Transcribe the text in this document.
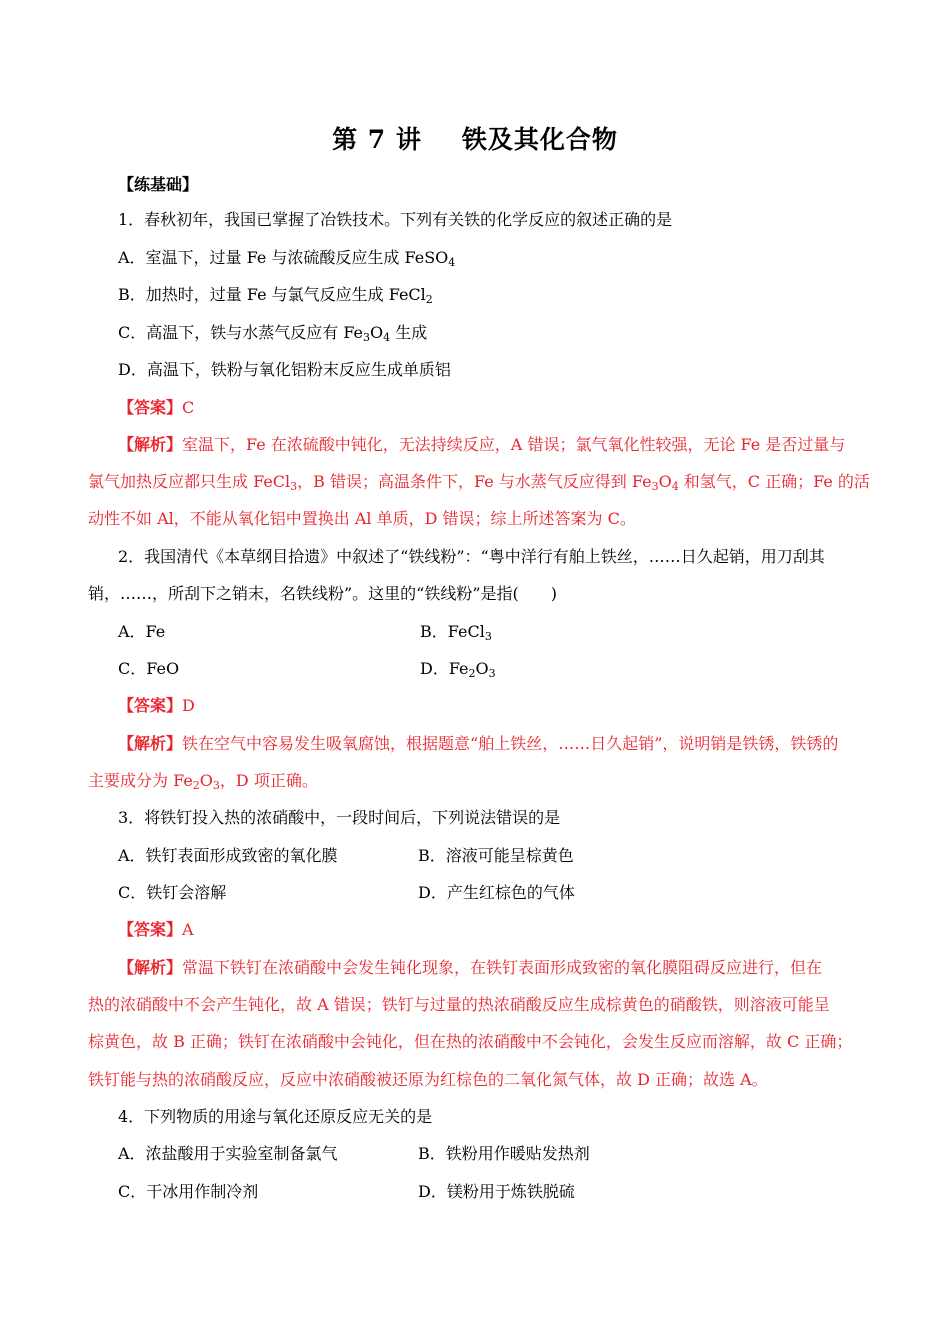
第 7 讲 铁及其化合物
【练基础】
1．春秋初年，我国已掌握了冶铁技术。下列有关铁的化学反应的叙述正确的是
A．室温下，过量 Fe 与浓硫酸反应生成 FeSO$_4$
B．加热时，过量 Fe 与氯气反应生成 FeCl$_2$
C．高温下，铁与水蒸气反应有 $Fe_3O_4$ 生成
D．高温下，铁粉与氧化铝粉末反应生成单质铝
【答案】C
【解析】室温下，Fe 在浓硫酸中钝化，无法持续反应，A 错误；氯气氧化性较强，无论 Fe 是否过量与
氯气加热反应都只生成 FeCl$_3$，B 错误；高温条件下，Fe 与水蒸气反应得到 $Fe_3O_4$ 和氢气，C 正确；Fe 的活
动性不如 Al，不能从氧化铝中置换出 Al 单质，D 错误；综上所述答案为 C。
2．我国清代《本草纲目拾遗》中叙述了“铁线粉”：“粤中洋行有舶上铁丝，……日久起销，用刀刮其
销，……，所刮下之销末，名铁线粉”。这里的“铁线粉”是指(　　)
A．Fe	B．FeCl$_3$
C．FeO	D．$Fe_2O_3$
【答案】D
【解析】铁在空气中容易发生吸氧腐蚀，根据题意“舶上铁丝，……日久起销”，说明销是铁锈，铁锈的
主要成分为 $Fe_2O_3$，D 项正确。
3．将铁钉投入热的浓硝酸中，一段时间后，下列说法错误的是
A．铁钉表面形成致密的氧化膜	B．溶液可能呈棕黄色
C．铁钉会溶解	D．产生红棕色的气体
【答案】A
【解析】常温下铁钉在浓硝酸中会发生钝化现象，在铁钉表面形成致密的氧化膜阻碍反应进行，但在
热的浓硝酸中不会产生钝化，故 A 错误；铁钉与过量的热浓硝酸反应生成棕黄色的硝酸铁，则溶液可能呈
棕黄色，故 B 正确；铁钉在浓硝酸中会钝化，但在热的浓硝酸中不会钝化，会发生反应而溶解，故 C 正确；
铁钉能与热的浓硝酸反应，反应中浓硝酸被还原为红棕色的二氧化氮气体，故 D 正确；故选 A。
4．下列物质的用途与氧化还原反应无关的是
A．浓盐酸用于实验室制备氯气	B．铁粉用作暖贴发热剂
C．干冰用作制冷剂	D．镁粉用于炼铁脱硫
